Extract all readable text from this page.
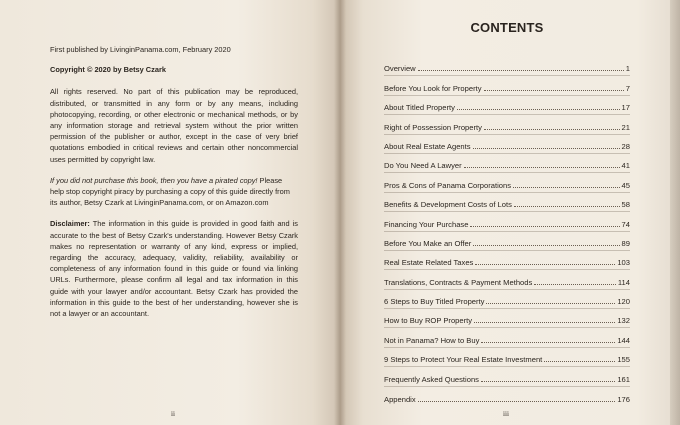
First published by LivinginPanama.com, February 2020

Copyright © 2020 by Betsy Czark

All rights reserved. No part of this publication may be reproduced, distributed, or transmitted in any form or by any means, including photocopying, recording, or other electronic or mechanical methods, or by any information storage and retrieval system without the prior written permission of the publisher or author, except in the case of very brief quotations embodied in critical reviews and certain other noncommercial uses permitted by copyright law.

If you did not purchase this book, then you have a pirated copy! Please help stop copyright piracy by purchasing a copy of this guide directly from its author, Betsy Czark at LivinginPanama.com, or on Amazon.com

Disclaimer: The information in this guide is provided in good faith and is accurate to the best of Betsy Czark's understanding. However Betsy Czark makes no representation or warranty of any kind, express or implied, regarding the accuracy, adequacy, validity, reliability, availability or completeness of any information found in this guide or found via linking URLs. Furthermore, please confirm all legal and tax information in this guide with your lawyer and/or accountant. Betsy Czark has provided the information in this guide to the best of her understanding, however she is not a lawyer or an accountant.

ii
CONTENTS
Overview	1
Before You Look for Property	7
About Titled Property	17
Right of Possession Property	21
About Real Estate Agents	28
Do You Need A Lawyer	41
Pros & Cons of Panama Corporations	45
Benefits & Development Costs of Lots	58
Financing Your Purchase	74
Before You Make an Offer	89
Real Estate Related Taxes	103
Translations, Contracts & Payment Methods	114
6 Steps to Buy Titled Property	120
How to Buy ROP Property	132
Not in Panama? How to Buy	144
9 Steps to Protect Your Real Estate Investment	155
Frequently Asked Questions	161
Appendix	176
iii
